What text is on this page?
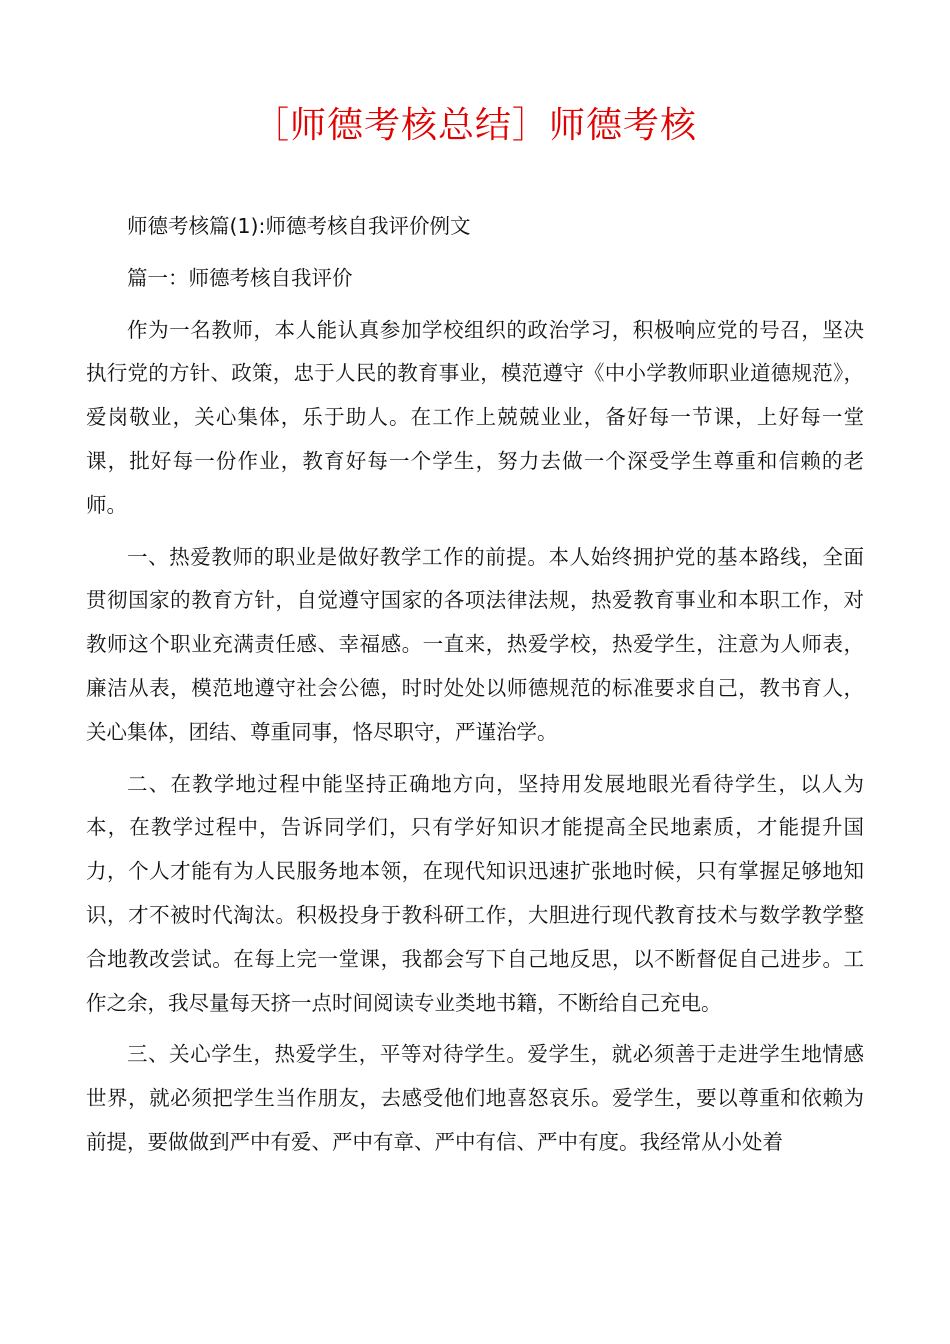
［师德考核总结］师德考核

师德考核篇(1):师德考核自我评价例文

篇一：师德考核自我评价

作为一名教师，本人能认真参加学校组织的政治学习，积极响应党的号召，坚决执行党的方针、政策，忠于人民的教育事业，模范遵守《中小学教师职业道德规范》，爱岗敬业，关心集体，乐于助人。在工作上兢兢业业，备好每一节课，上好每一堂课，批好每一份作业，教育好每一个学生，努力去做一个深受学生尊重和信赖的老师。

一、热爱教师的职业是做好教学工作的前提。本人始终拥护党的基本路线，全面贯彻国家的教育方针，自觉遵守国家的各项法律法规，热爱教育事业和本职工作，对教师这个职业充满责任感、幸福感。一直来，热爱学校，热爱学生，注意为人师表，廉洁从表，模范地遵守社会公德，时时处处以师德规范的标准要求自己，教书育人，关心集体，团结、尊重同事，恪尽职守，严谨治学。

二、在教学地过程中能坚持正确地方向，坚持用发展地眼光看待学生，以人为本，在教学过程中，告诉同学们，只有学好知识才能提高全民地素质，才能提升国力，个人才能有为人民服务地本领，在现代知识迅速扩张地时候，只有掌握足够地知识，才不被时代淘汰。积极投身于教科研工作，大胆进行现代教育技术与数学教学整合地教改尝试。在每上完一堂课，我都会写下自己地反思，以不断督促自己进步。工作之余，我尽量每天挤一点时间阅读专业类地书籍，不断给自己充电。

三、关心学生，热爱学生，平等对待学生。爱学生，就必须善于走进学生地情感世界，就必须把学生当作朋友，去感受他们地喜怒哀乐。爱学生，要以尊重和依赖为前提，要做做到严中有爱、严中有章、严中有信、严中有度。我经常从小处着
